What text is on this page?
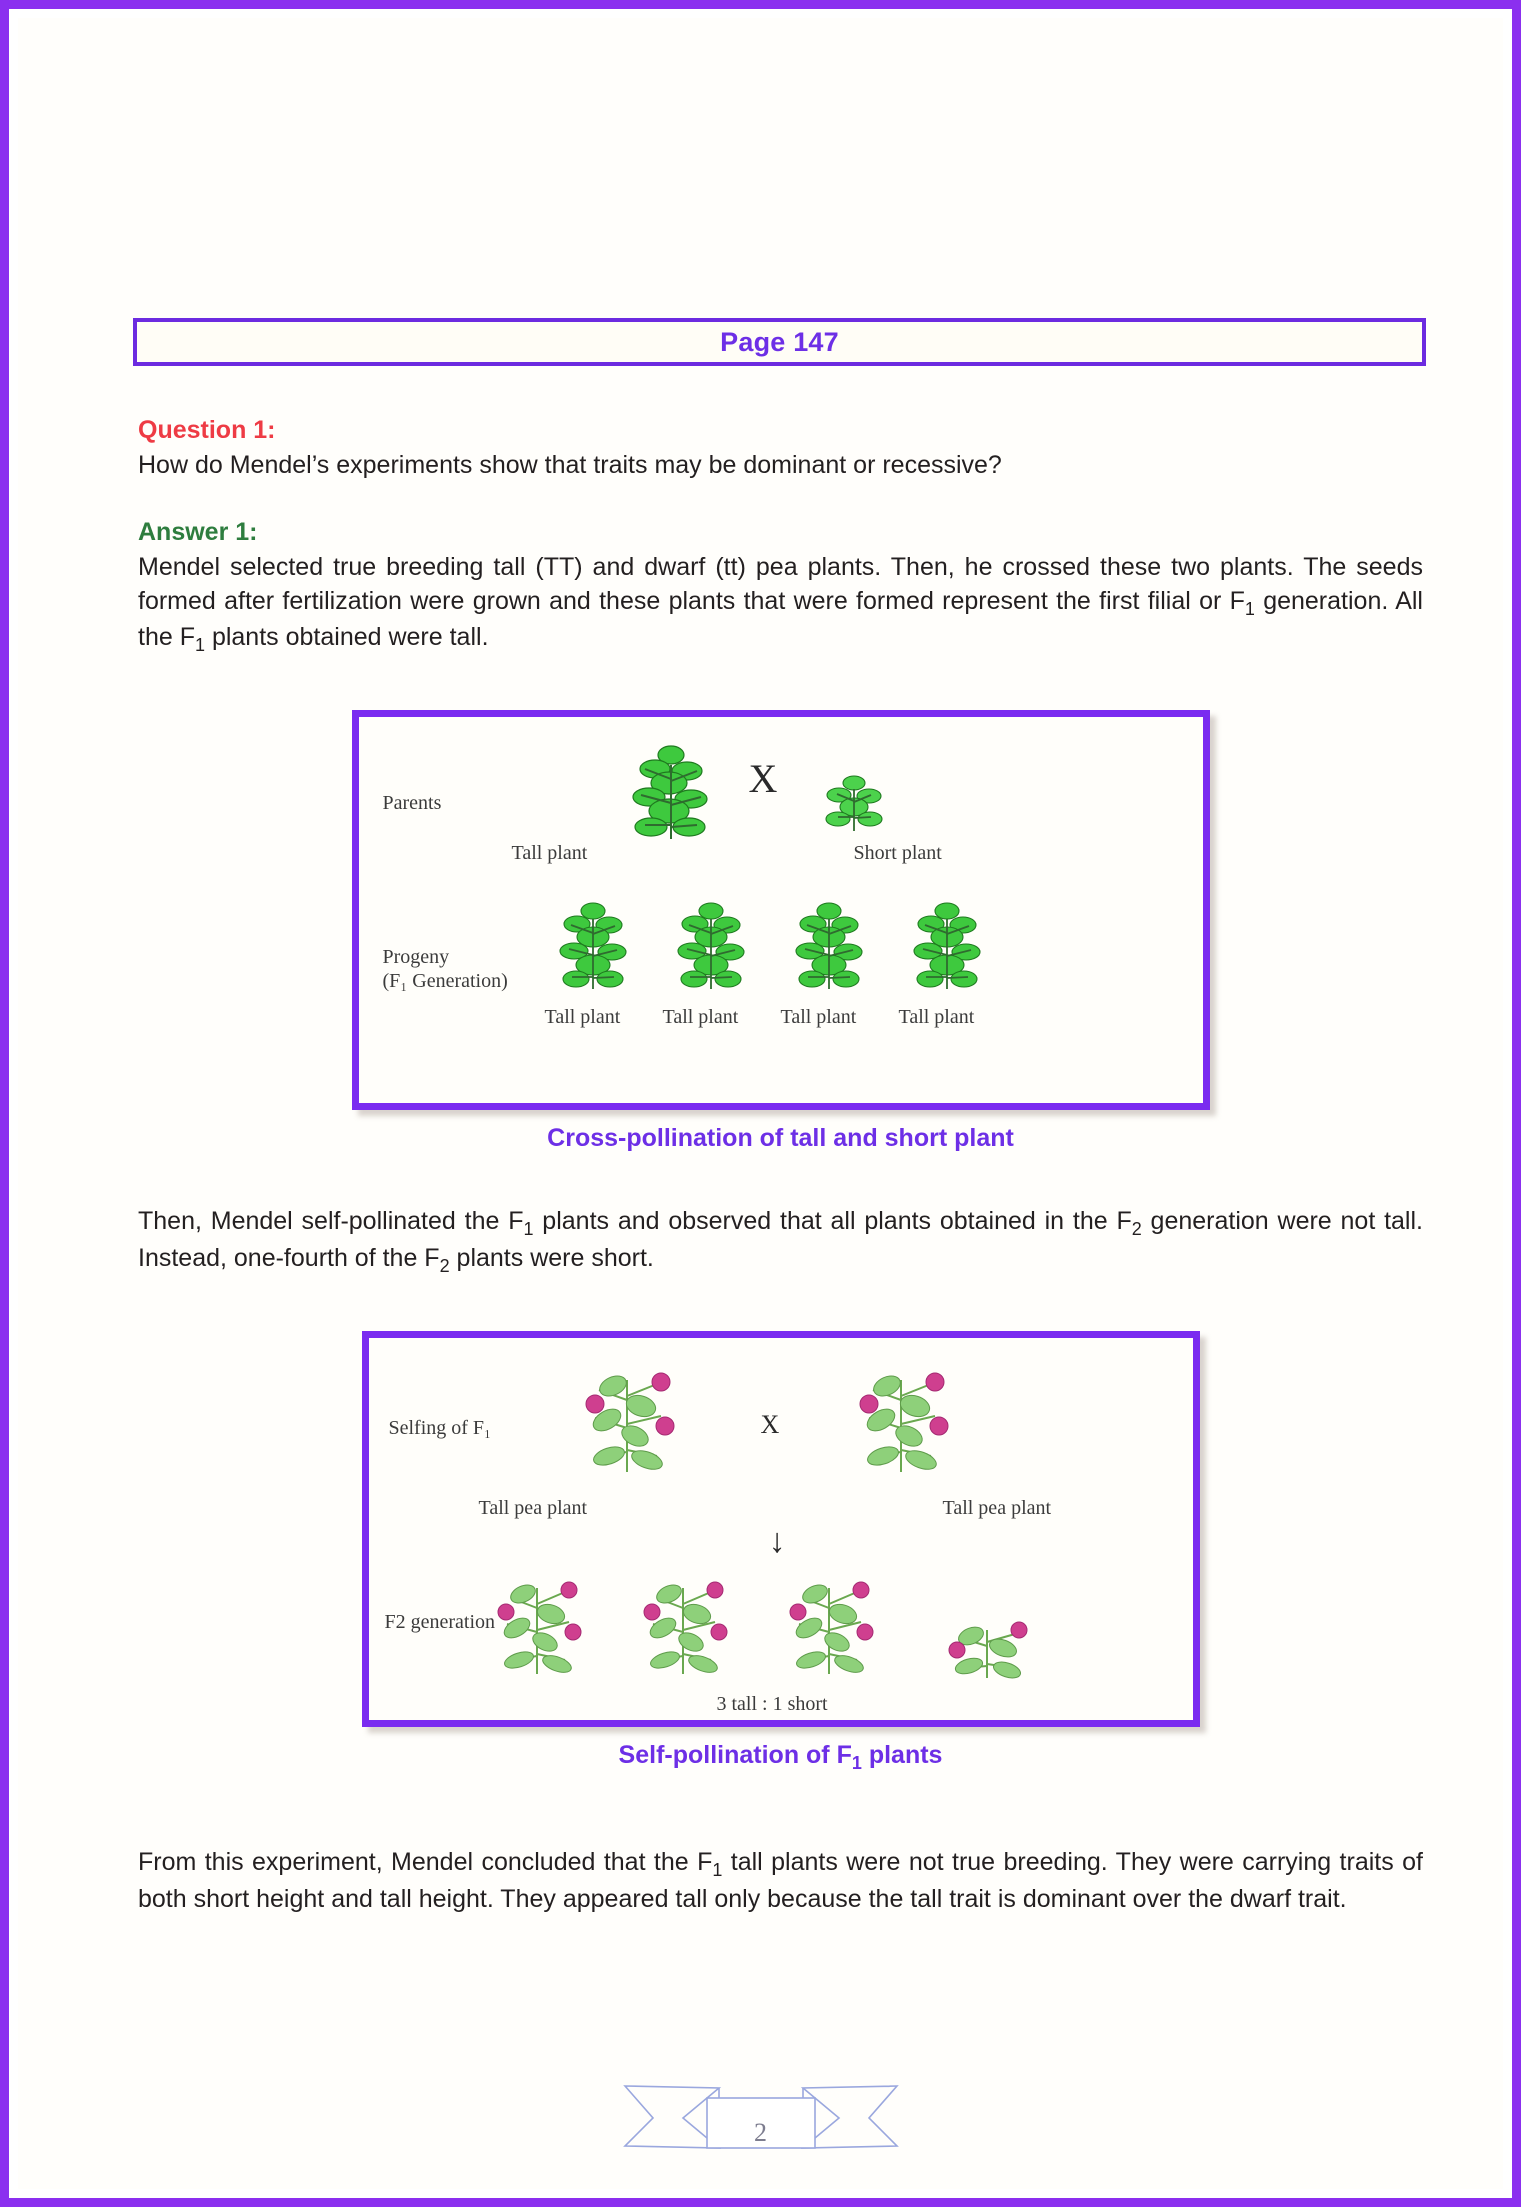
Page 147
Question 1:
How do Mendel’s experiments show that traits may be dominant or recessive?
Answer 1:
Mendel selected true breeding tall (TT) and dwarf (tt) pea plants. Then, he crossed these two plants. The seeds formed after fertilization were grown and these plants that were formed represent the first filial or $F_1$ generation. All the $F_1$ plants obtained were tall.
Parents
Tall plant
X
Short plant
Progeny
(F₁ Generation)
Tall plant Tall plant Tall plant Tall plant
Cross-pollination of tall and short plant
Then, Mendel self-pollinated the $F_1$ plants and observed that all plants obtained in the $F_2$ generation were not tall. Instead, one-fourth of the $F_2$ plants were short.
Selfing of F₁
Tall pea plant
X
Tall pea plant
↓
F2 generation
3 tall : 1 short
Self-pollination of $F_1$ plants
From this experiment, Mendel concluded that the $F_1$ tall plants were not true breeding. They were carrying traits of both short height and tall height. They appeared tall only because the tall trait is dominant over the dwarf trait.
2
